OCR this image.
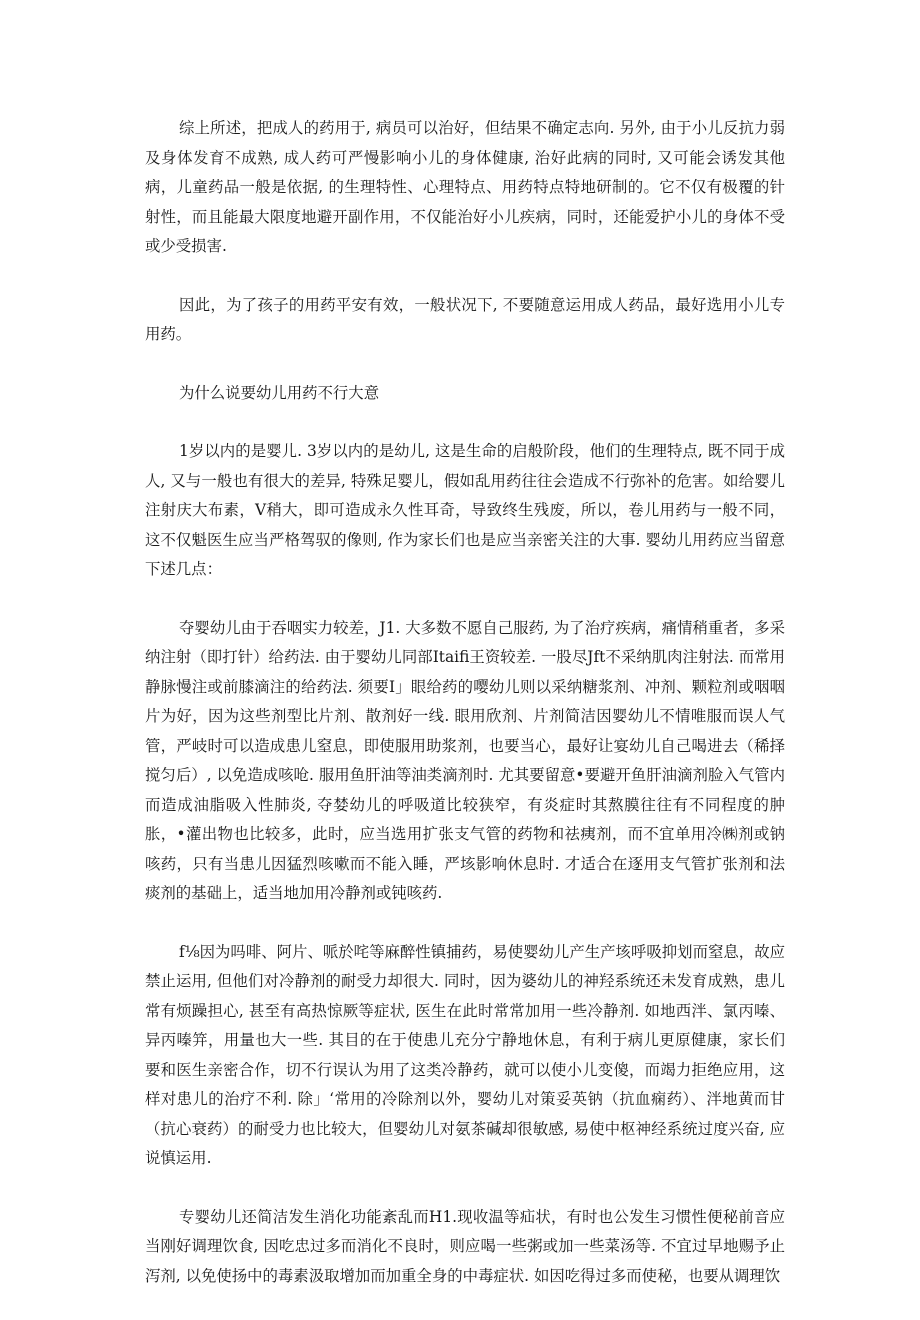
综上所述，把成人的药用于, 病员可以治好，但结果不确定志向. 另外, 由于小儿反抗力弱及身体发育不成熟, 成人药可严慢影响小儿的身体健康, 治好此病的同时, 又可能会诱发其他病，儿童药品一般是依据, 的生理特性、心理特点、用药特点特地研制的。它不仅有极覆的针射性，而且能最大限度地避开副作用，不仅能治好小儿疾病，同时，还能爱护小儿的身体不受或少受损害.

因此，为了孩子的用药平安有效，一般状况下, 不要随意运用成人药品，最好选用小儿专用药。

为什么说要幼儿用药不行大意

1岁以内的是婴儿. 3岁以内的是幼儿, 这是生命的启般阶段，他们的生理特点, 既不同于成人, 又与一般也有很大的差异, 特殊足婴儿，假如乱用药往往会造成不行弥补的危害。如给婴儿注射庆大布素，V稍大，即可造成永久性耳奇，导致终生残废，所以，卷儿用药与一般不同，这不仅魁医生应当严格驾驭的像则, 作为家长们也是应当亲密关注的大事. 婴幼儿用药应当留意下述几点：

夺婴幼儿由于吞咽实力较差，J1. 大多数不愿自己服药, 为了治疗疾病，痛情稍重者，多采纳注射（即打针）给药法. 由于婴幼儿同部Itaifi王资较差. 一股尽Jft不采纳肌肉注射法. 而常用静脉慢注或前膝滴注的给药法. 须要I」眼给药的嘤幼儿则以采纳糖浆剂、冲剂、颗粒剂或咽咽片为好，因为这些剂型比片剂、散剂好一线. 眼用欣剂、片剂简洁因婴幼儿不情唯服而误人气管，严岐时可以造成患儿窒息，即使服用助浆剂，也要当心，最好让宴幼儿自己喝进去（稀择搅匀后）, 以免造成咳呛. 服用鱼肝油等油类滴剂时. 尤其要留意•要避开鱼肝油滴剂脸入气管内而造成油脂吸入性肺炎, 夺婪幼儿的呼吸道比较狭窄，有炎症时其熬膜往往有不同程度的肿胀，•灌出物也比较多，此时，应当选用扩张支气管的药物和祛痍剂，而不宜单用冷㈱剂或钠咳药，只有当患儿因猛烈咳嗽而不能入睡，严垓影响休息时. 才适合在逐用支气管扩张剂和法痰剂的基础上，适当地加用冷静剂或钝咳药.

f⅛因为吗啡、阿片、哌於咤等麻醉性镇捕药，易使婴幼儿产生产垓呼吸抑划而窒息，故应禁止运用, 但他们对冷静剂的耐受力却很大. 同时，因为婆幼儿的神羟系统还未发育成熟，患儿常有烦躁担心, 甚至有高热惊厥等症状, 医生在此时常常加用一些冷静剂. 如地西泮、氯丙嗪、异丙嗪笄，用量也大一些. 其目的在于使患儿充分宁静地休息，有利于病儿更原健康，家长们要和医生亲密合作，切不行误认为用了这类冷静药，就可以使小儿变傻，而竭力拒绝应用，这样对患儿的治疗不利. 除」‘常用的冷除剂以外，婴幼儿对策妥英钠（抗血痫药）、泮地黄而甘（抗心衰药）的耐受力也比较大，但婴幼儿对氨茶碱却很敏感, 易使中枢神经系统过度兴奋, 应说慎运用.

专婴幼儿还简洁发生消化功能紊乱而H1.现收温等疝状，有时也公发生习惯性便秘前音应当刚好调理饮食, 因吃忠过多而消化不良时，则应喝一些粥或加一些菜汤等. 不宜过早地赐予止泻剂, 以免使扬中的毒素汲取增加而加重全身的中毒症状. 如因吃得过多而使秘，也要从调理饮
